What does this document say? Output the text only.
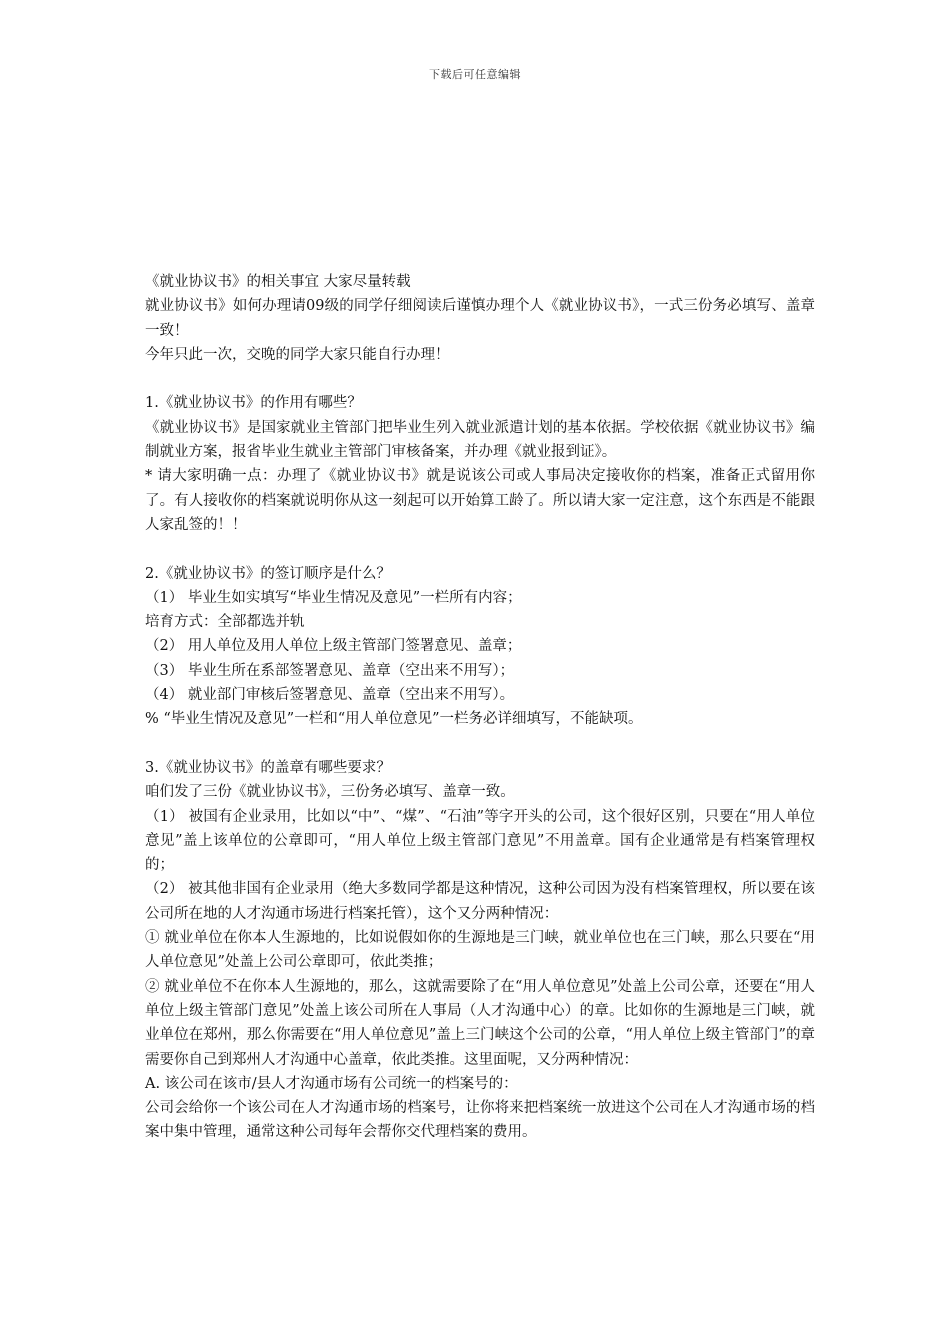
下载后可任意编辑

《就业协议书》的相关事宜 大家尽量转载

就业协议书》如何办理请09级的同学仔细阅读后谨慎办理个人《就业协议书》，一式三份务必填写、盖章一致！

今年只此一次，交晚的同学大家只能自行办理！

1.《就业协议书》的作用有哪些？

《就业协议书》是国家就业主管部门把毕业生列入就业派遣计划的基本依据。学校依据《就业协议书》编制就业方案，报省毕业生就业主管部门审核备案，并办理《就业报到证》。

* 请大家明确一点：办理了《就业协议书》就是说该公司或人事局决定接收你的档案，准备正式留用你了。有人接收你的档案就说明你从这一刻起可以开始算工龄了。所以请大家一定注意，这个东西是不能跟人家乱签的！！

2.《就业协议书》的签订顺序是什么？

（1） 毕业生如实填写“毕业生情况及意见”一栏所有内容；

培育方式：全部都选并轨

（2） 用人单位及用人单位上级主管部门签署意见、盖章；

（3） 毕业生所在系部签署意见、盖章（空出来不用写）；

（4） 就业部门审核后签署意见、盖章（空出来不用写）。

% “毕业生情况及意见”一栏和“用人单位意见”一栏务必详细填写，不能缺项。

3.《就业协议书》的盖章有哪些要求？

咱们发了三份《就业协议书》，三份务必填写、盖章一致。

（1） 被国有企业录用，比如以“中”、“煤”、“石油”等字开头的公司，这个很好区别，只要在“用人单位意见”盖上该单位的公章即可，“用人单位上级主管部门意见”不用盖章。国有企业通常是有档案管理权的；

（2） 被其他非国有企业录用（绝大多数同学都是这种情况，这种公司因为没有档案管理权，所以要在该公司所在地的人才沟通市场进行档案托管），这个又分两种情况：

① 就业单位在你本人生源地的，比如说假如你的生源地是三门峡，就业单位也在三门峡，那么只要在“用人单位意见”处盖上公司公章即可，依此类推；

② 就业单位不在你本人生源地的，那么，这就需要除了在“用人单位意见”处盖上公司公章，还要在“用人单位上级主管部门意见”处盖上该公司所在人事局（人才沟通中心）的章。比如你的生源地是三门峡，就业单位在郑州，那么你需要在“用人单位意见”盖上三门峡这个公司的公章，“用人单位上级主管部门”的章需要你自己到郑州人才沟通中心盖章，依此类推。这里面呢，又分两种情况：

A. 该公司在该市/县人才沟通市场有公司统一的档案号的：

公司会给你一个该公司在人才沟通市场的档案号，让你将来把档案统一放进这个公司在人才沟通市场的档案中集中管理，通常这种公司每年会帮你交代理档案的费用。
